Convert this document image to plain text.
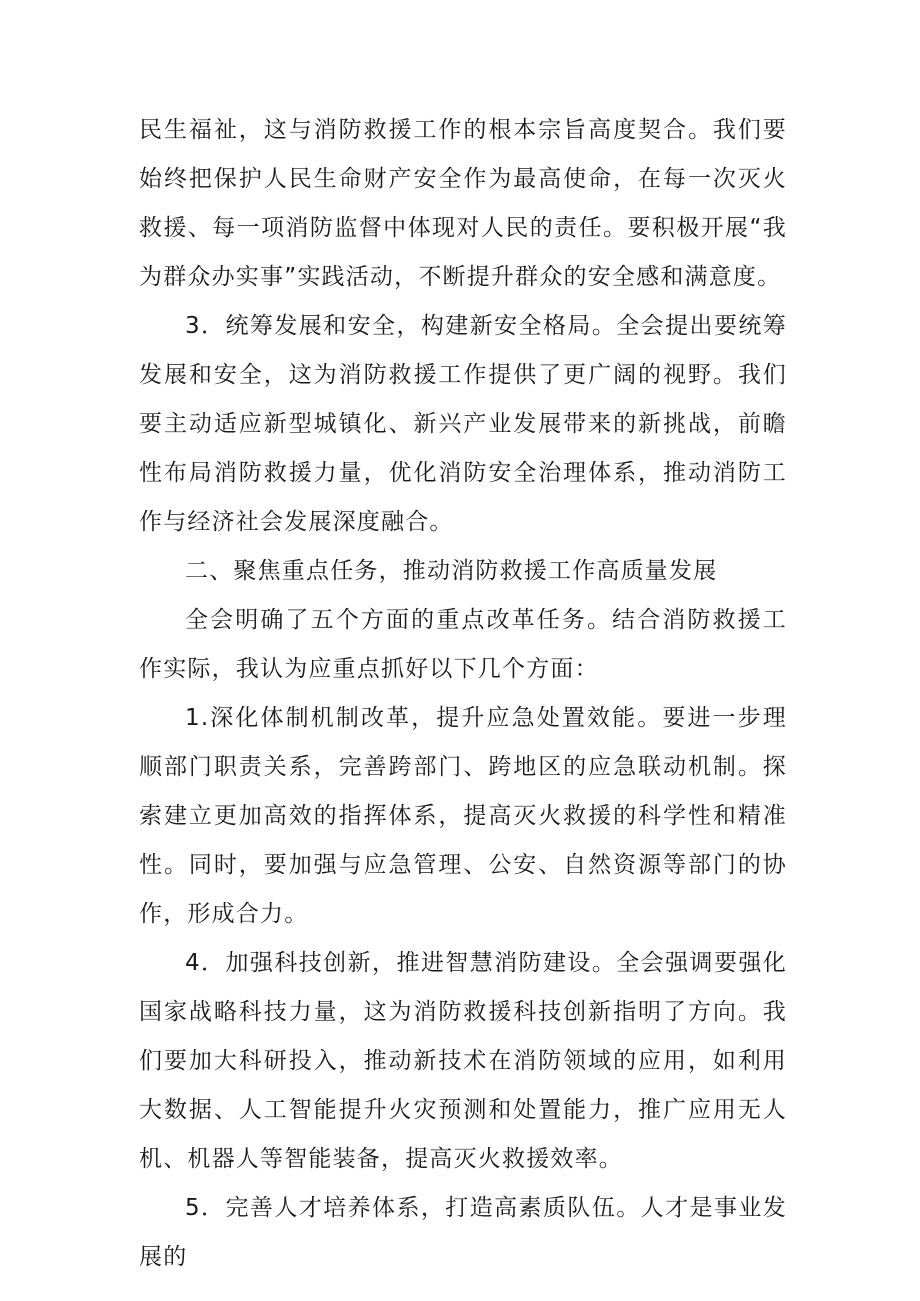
民生福祉，这与消防救援工作的根本宗旨高度契合。我们要始终把保护人民生命财产安全作为最高使命，在每一次灭火救援、每一项消防监督中体现对人民的责任。要积极开展“我为群众办实事”实践活动，不断提升群众的安全感和满意度。

3．统筹发展和安全，构建新安全格局。全会提出要统筹发展和安全，这为消防救援工作提供了更广阔的视野。我们要主动适应新型城镇化、新兴产业发展带来的新挑战，前瞻性布局消防救援力量，优化消防安全治理体系，推动消防工作与经济社会发展深度融合。

二、聚焦重点任务，推动消防救援工作高质量发展

全会明确了五个方面的重点改革任务。结合消防救援工作实际，我认为应重点抓好以下几个方面：

1.深化体制机制改革，提升应急处置效能。要进一步理顺部门职责关系，完善跨部门、跨地区的应急联动机制。探索建立更加高效的指挥体系，提高灭火救援的科学性和精准性。同时，要加强与应急管理、公安、自然资源等部门的协作，形成合力。

4．加强科技创新，推进智慧消防建设。全会强调要强化国家战略科技力量，这为消防救援科技创新指明了方向。我们要加大科研投入，推动新技术在消防领域的应用，如利用大数据、人工智能提升火灾预测和处置能力，推广应用无人机、机器人等智能装备，提高灭火救援效率。

5．完善人才培养体系，打造高素质队伍。人才是事业发展的
